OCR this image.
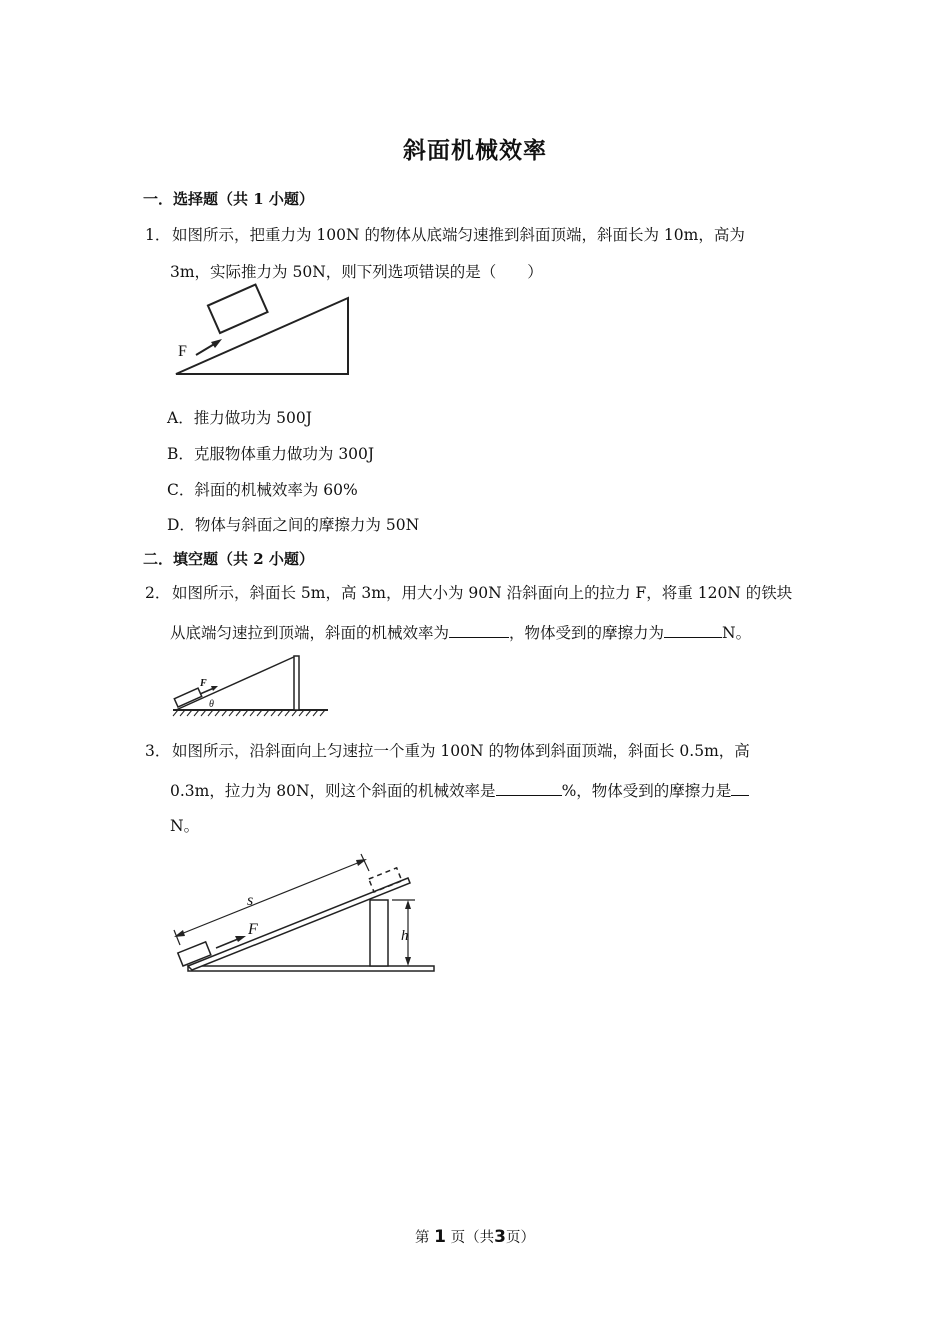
斜面机械效率
一．选择题（共 1 小题）
1． 如图所示，把重力为 100N 的物体从底端匀速推到斜面顶端，斜面长为 10m，高为
3m，实际推力为 50N，则下列选项错误的是（　　）
F
A．推力做功为 500J
B．克服物体重力做功为 300J
C．斜面的机械效率为 60%
D．物体与斜面之间的摩擦力为 50N
二．填空题（共 2 小题）
2． 如图所示，斜面长 5m，高 3m，用大小为 90N 沿斜面向上的拉力 F，将重 120N 的铁块
从底端匀速拉到顶端，斜面的机械效率为	，物体受到的摩擦力为	N。
F
θ
3． 如图所示，沿斜面向上匀速拉一个重为 100N 的物体到斜面顶端，斜面长 0.5m，高
0.3m，拉力为 80N，则这个斜面的机械效率是	%，物体受到的摩擦力是
N。
F
s
h
第 1 页（共3页）
